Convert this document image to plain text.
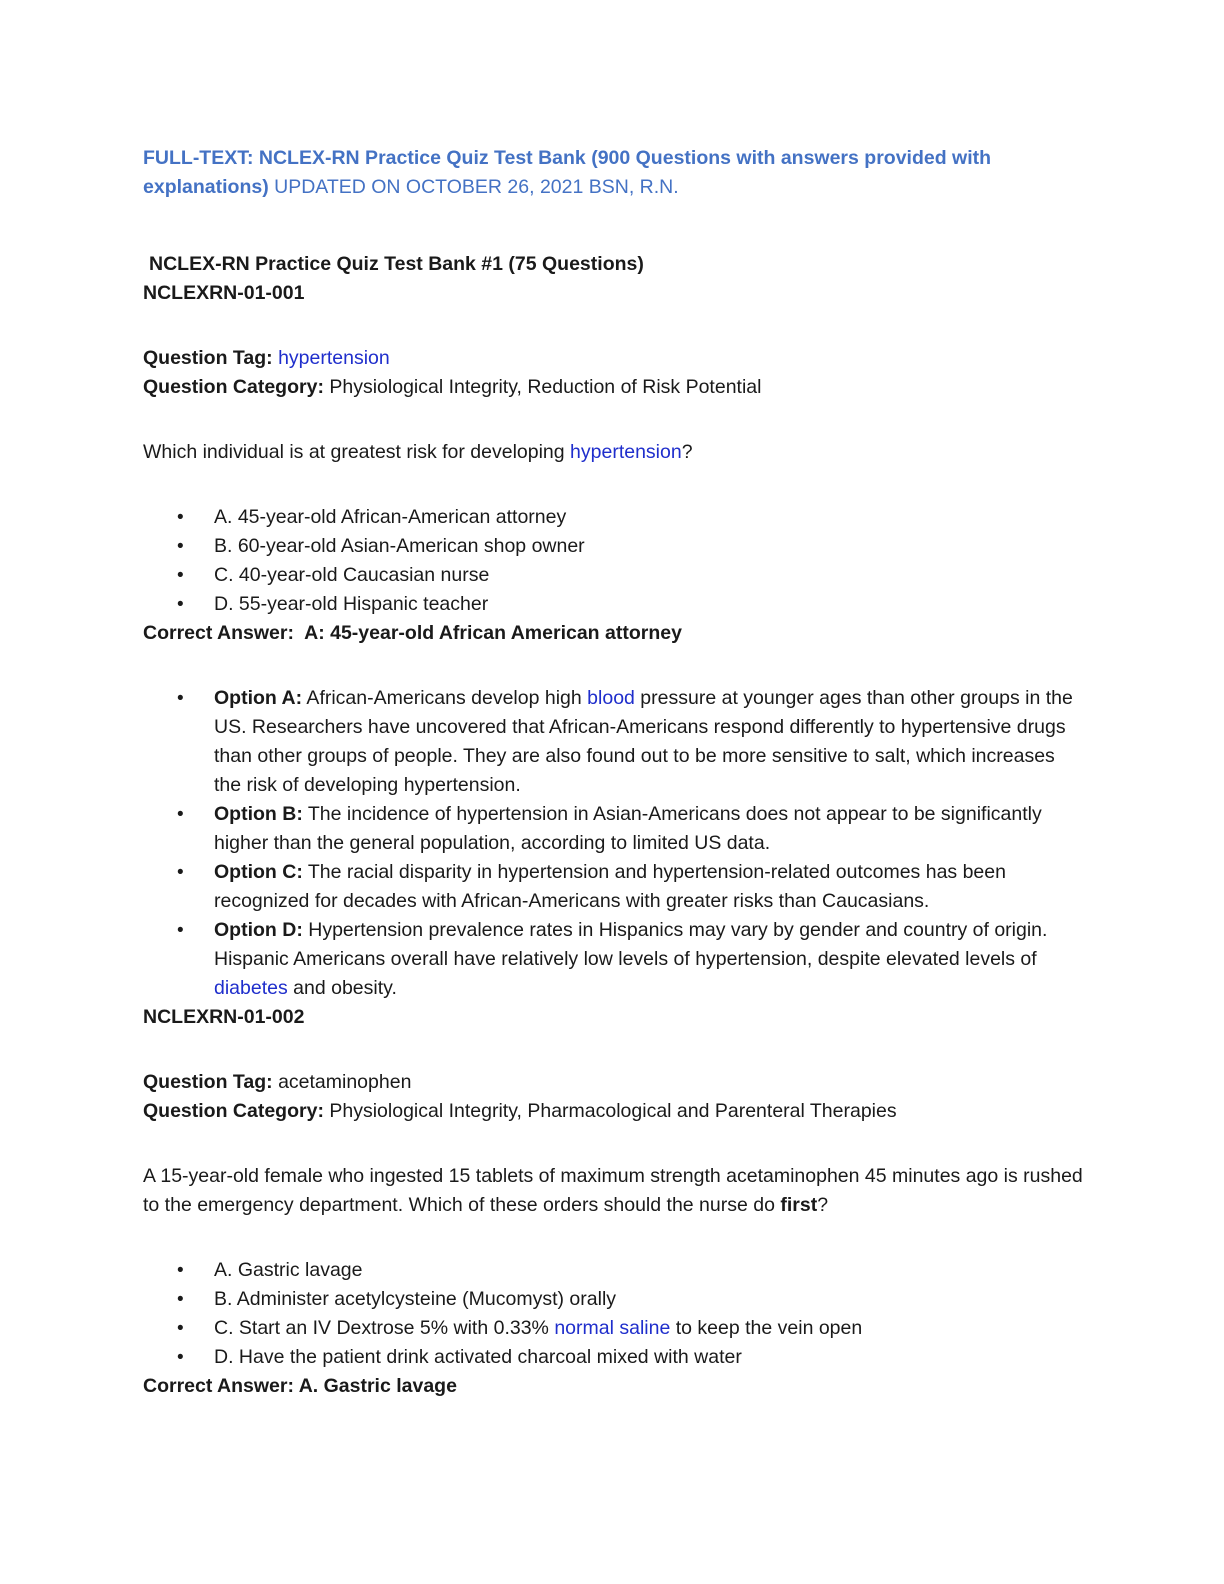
FULL-TEXT: NCLEX-RN Practice Quiz Test Bank (900 Questions with answers provided with explanations) UPDATED ON OCTOBER 26, 2021 BSN, R.N.

NCLEX-RN Practice Quiz Test Bank #1 (75 Questions)

NCLEXRN-01-001

Question Tag: hypertension

Question Category: Physiological Integrity, Reduction of Risk Potential

Which individual is at greatest risk for developing hypertension?

• A. 45-year-old African-American attorney
• B. 60-year-old Asian-American shop owner
• C. 40-year-old Caucasian nurse
• D. 55-year-old Hispanic teacher

Correct Answer: A: 45-year-old African American attorney

• Option A: African-Americans develop high blood pressure at younger ages than other groups in the US. Researchers have uncovered that African-Americans respond differently to hypertensive drugs than other groups of people. They are also found out to be more sensitive to salt, which increases the risk of developing hypertension.
• Option B: The incidence of hypertension in Asian-Americans does not appear to be significantly higher than the general population, according to limited US data.
• Option C: The racial disparity in hypertension and hypertension-related outcomes has been recognized for decades with African-Americans with greater risks than Caucasians.
• Option D: Hypertension prevalence rates in Hispanics may vary by gender and country of origin. Hispanic Americans overall have relatively low levels of hypertension, despite elevated levels of diabetes and obesity.

NCLEXRN-01-002

Question Tag: acetaminophen

Question Category: Physiological Integrity, Pharmacological and Parenteral Therapies

A 15-year-old female who ingested 15 tablets of maximum strength acetaminophen 45 minutes ago is rushed to the emergency department. Which of these orders should the nurse do first?

• A. Gastric lavage
• B. Administer acetylcysteine (Mucomyst) orally
• C. Start an IV Dextrose 5% with 0.33% normal saline to keep the vein open
• D. Have the patient drink activated charcoal mixed with water

Correct Answer: A. Gastric lavage
